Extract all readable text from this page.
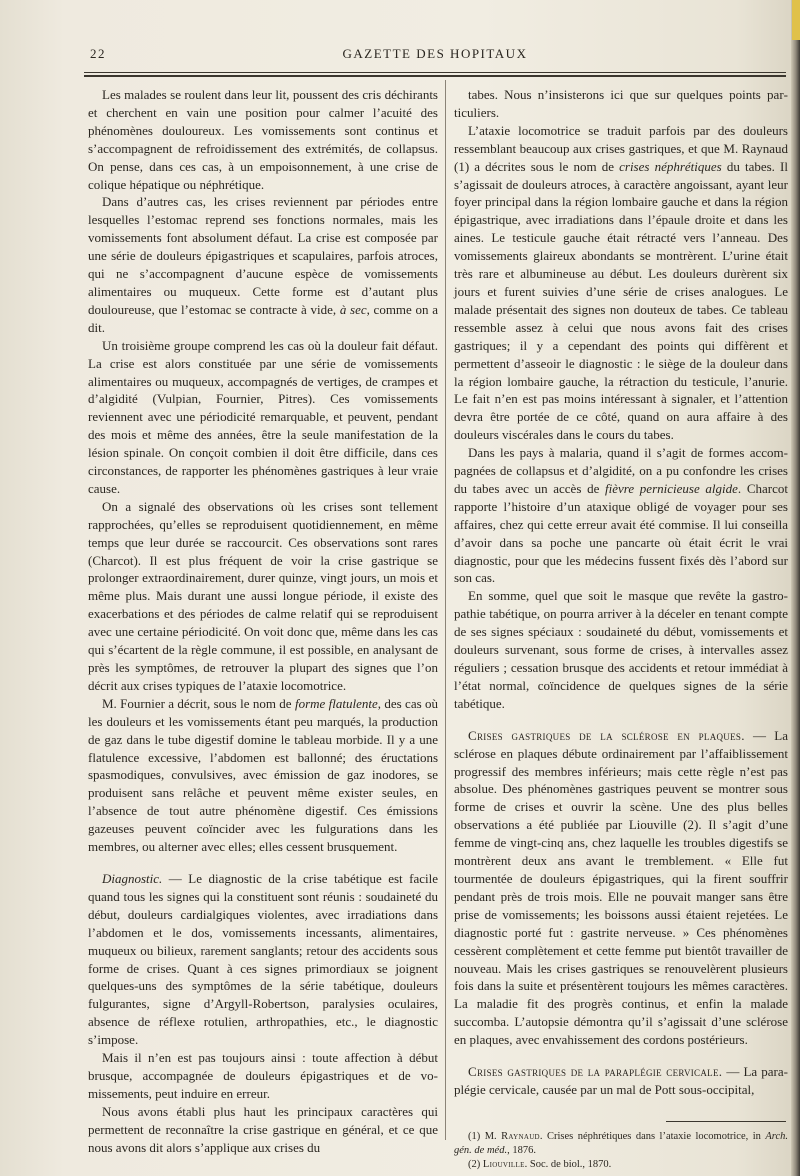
22	GAZETTE DES HOPITAUX

Les malades se roulent dans leur lit, poussent des cris déchirants et cherchent en vain une position pour calmer l’acuité des phénomènes douloureux. Les vomissements sont continus et s’accompagnent de refroidissement des extrémités, de collapsus. On pense, dans ces cas, à un empoisonnement, à une crise de colique hépatique ou néphrétique.

Dans d’autres cas, les crises reviennent par périodes entre lesquelles l’estomac reprend ses fonctions normales, mais les vomissements font absolument défaut. La crise est composée par une série de douleurs épigastriques et scapulaires, parfois atroces, qui ne s’accompagnent d’aucune espèce de vomissements alimentaires ou muqueux. Cette forme est d’autant plus douloureuse, que l’estomac se contracte à vide, à sec, comme on a dit.

Un troisième groupe comprend les cas où la douleur fait défaut. La crise est alors constituée par une série de vomissements alimentaires ou muqueux, accompagnés de vertiges, de crampes et d’algidité (Vulpian, Fournier, Pitres). Ces vomissements reviennent avec une périodicité remarquable, et peuvent, pendant des mois et même des années, être la seule manifestation de la lésion spinale. On conçoit combien il doit être difficile, dans ces circonstances, de rapporter les phénomènes gastriques à leur vraie cause.

On a signalé des observations où les crises sont tellement rapprochées, qu’elles se reproduisent quotidiennement, en même temps que leur durée se raccourcit. Ces observations sont rares (Charcot). Il est plus fréquent de voir la crise gastrique se prolonger extraordinairement, durer quinze, vingt jours, un mois et même plus. Mais durant une aussi longue période, il existe des exacerbations et des périodes de calme relatif qui se reproduisent avec une certaine périodicité. On voit donc que, même dans les cas qui s’écartent de la règle commune, il est possible, en analysant de près les symptômes, de retrouver la plupart des signes que l’on décrit aux crises typiques de l’ataxie locomotrice.

M. Fournier a décrit, sous le nom de forme flatulente, des cas où les douleurs et les vomissements étant peu marqués, la production de gaz dans le tube digestif domine le tableau morbide. Il y a une flatulence excessive, l’abdomen est ballonné; des éructations spasmodiques, convulsives, avec émission de gaz inodores, se produisent sans relâche et peuvent même exister seules, en l’absence de tout autre phénomène digestif. Ces émissions gazeuses peuvent coïncider avec les fulgurations dans les membres, ou alterner avec elles; elles cessent brusquement.

Diagnostic. — Le diagnostic de la crise tabétique est facile quand tous les signes qui la constituent sont réunis : soudaineté du début, douleurs cardialgiques violentes, avec irradiations dans l’abdomen et le dos, vomissements incessants, alimentaires, muqueux ou bilieux, rarement sanglants; retour des accidents sous forme de crises. Quant à ces signes primordiaux se joignent quelques-uns des symptômes de la série tabétique, douleurs fulgurantes, signe d’Argyll-Robertson, paralysies oculaires, absence de réflexe rotulien, arthropathies, etc., le diagnostic s’impose.

Mais il n’en est pas toujours ainsi : toute affection à début brusque, accompagnée de douleurs épigastriques et de vomissements, peut induire en erreur.

Nous avons établi plus haut les principaux caractères qui permettent de reconnaître la crise gastrique en général, et ce que nous avons dit alors s’applique aux crises du

tabes. Nous n’insisterons ici que sur quelques points particuliers.

L’ataxie locomotrice se traduit parfois par des douleurs ressemblant beaucoup aux crises gastriques, et que M. Raynaud (1) a décrites sous le nom de crises néphrétiques du tabes. Il s’agissait de douleurs atroces, à caractère angoissant, ayant leur foyer principal dans la région lombaire gauche et dans la région épigastrique, avec irradiations dans l’épaule droite et dans les aines. Le testicule gauche était rétracté vers l’anneau. Des vomissements glaireux abondants se montrèrent. L’urine était très rare et albumineuse au début. Les douleurs durèrent six jours et furent suivies d’une série de crises analogues. Le malade présentait des signes non douteux de tabes. Ce tableau ressemble assez à celui que nous avons fait des crises gastriques; il y a cependant des points qui diffèrent et permettent d’asseoir le diagnostic : le siège de la douleur dans la région lombaire gauche, la rétraction du testicule, l’anurie. Le fait n’en est pas moins intéressant à signaler, et l’attention devra être portée de ce côté, quand on aura affaire à des douleurs viscérales dans le cours du tabes.

Dans les pays à malaria, quand il s’agit de formes accompagnées de collapsus et d’algidité, on a pu confondre les crises du tabes avec un accès de fièvre pernicieuse algide. Charcot rapporte l’histoire d’un ataxique obligé de voyager pour ses affaires, chez qui cette erreur avait été commise. Il lui conseilla d’avoir dans sa poche une pancarte où était écrit le vrai diagnostic, pour que les médecins fussent fixés dès l’abord sur son cas.

En somme, quel que soit le masque que revête la gastropathie tabétique, on pourra arriver à la déceler en tenant compte de ses signes spéciaux : soudaineté du début, vomissements et douleurs survenant, sous forme de crises, à intervalles assez réguliers ; cessation brusque des accidents et retour immédiat à l’état normal, coïncidence de quelques signes de la série tabétique.

Crises gastriques de la sclérose en plaques. — La sclérose en plaques débute ordinairement par l’affaiblissement progressif des membres inférieurs; mais cette règle n’est pas absolue. Des phénomènes gastriques peuvent se montrer sous forme de crises et ouvrir la scène. Une des plus belles observations a été publiée par Liouville (2). Il s’agit d’une femme de vingt-cinq ans, chez laquelle les troubles digestifs se montrèrent deux ans avant le tremblement. « Elle fut tourmentée de douleurs épigastriques, qui la firent souffrir pendant près de trois mois. Elle ne pouvait manger sans être prise de vomissements; les boissons aussi étaient rejetées. Le diagnostic porté fut : gastrite nerveuse. » Ces phénomènes cessèrent complètement et cette femme put bientôt travailler de nouveau. Mais les crises gastriques se renouvelèrent plusieurs fois dans la suite et présentèrent toujours les mêmes caractères. La maladie fit des progrès continus, et enfin la malade succomba. L’autopsie démontra qu’il s’agissait d’une sclérose en plaques, avec envahissement des cordons postérieurs.

Crises gastriques de la paraplégie cervicale. — La paraplégie cervicale, causée par un mal de Pott sous-occipital,

(1) M. Raynaud. Crises néphrétiques dans l’ataxie locomotrice, in Arch. gén. de méd., 1876.

(2) Liouville. Soc. de biol., 1870.
